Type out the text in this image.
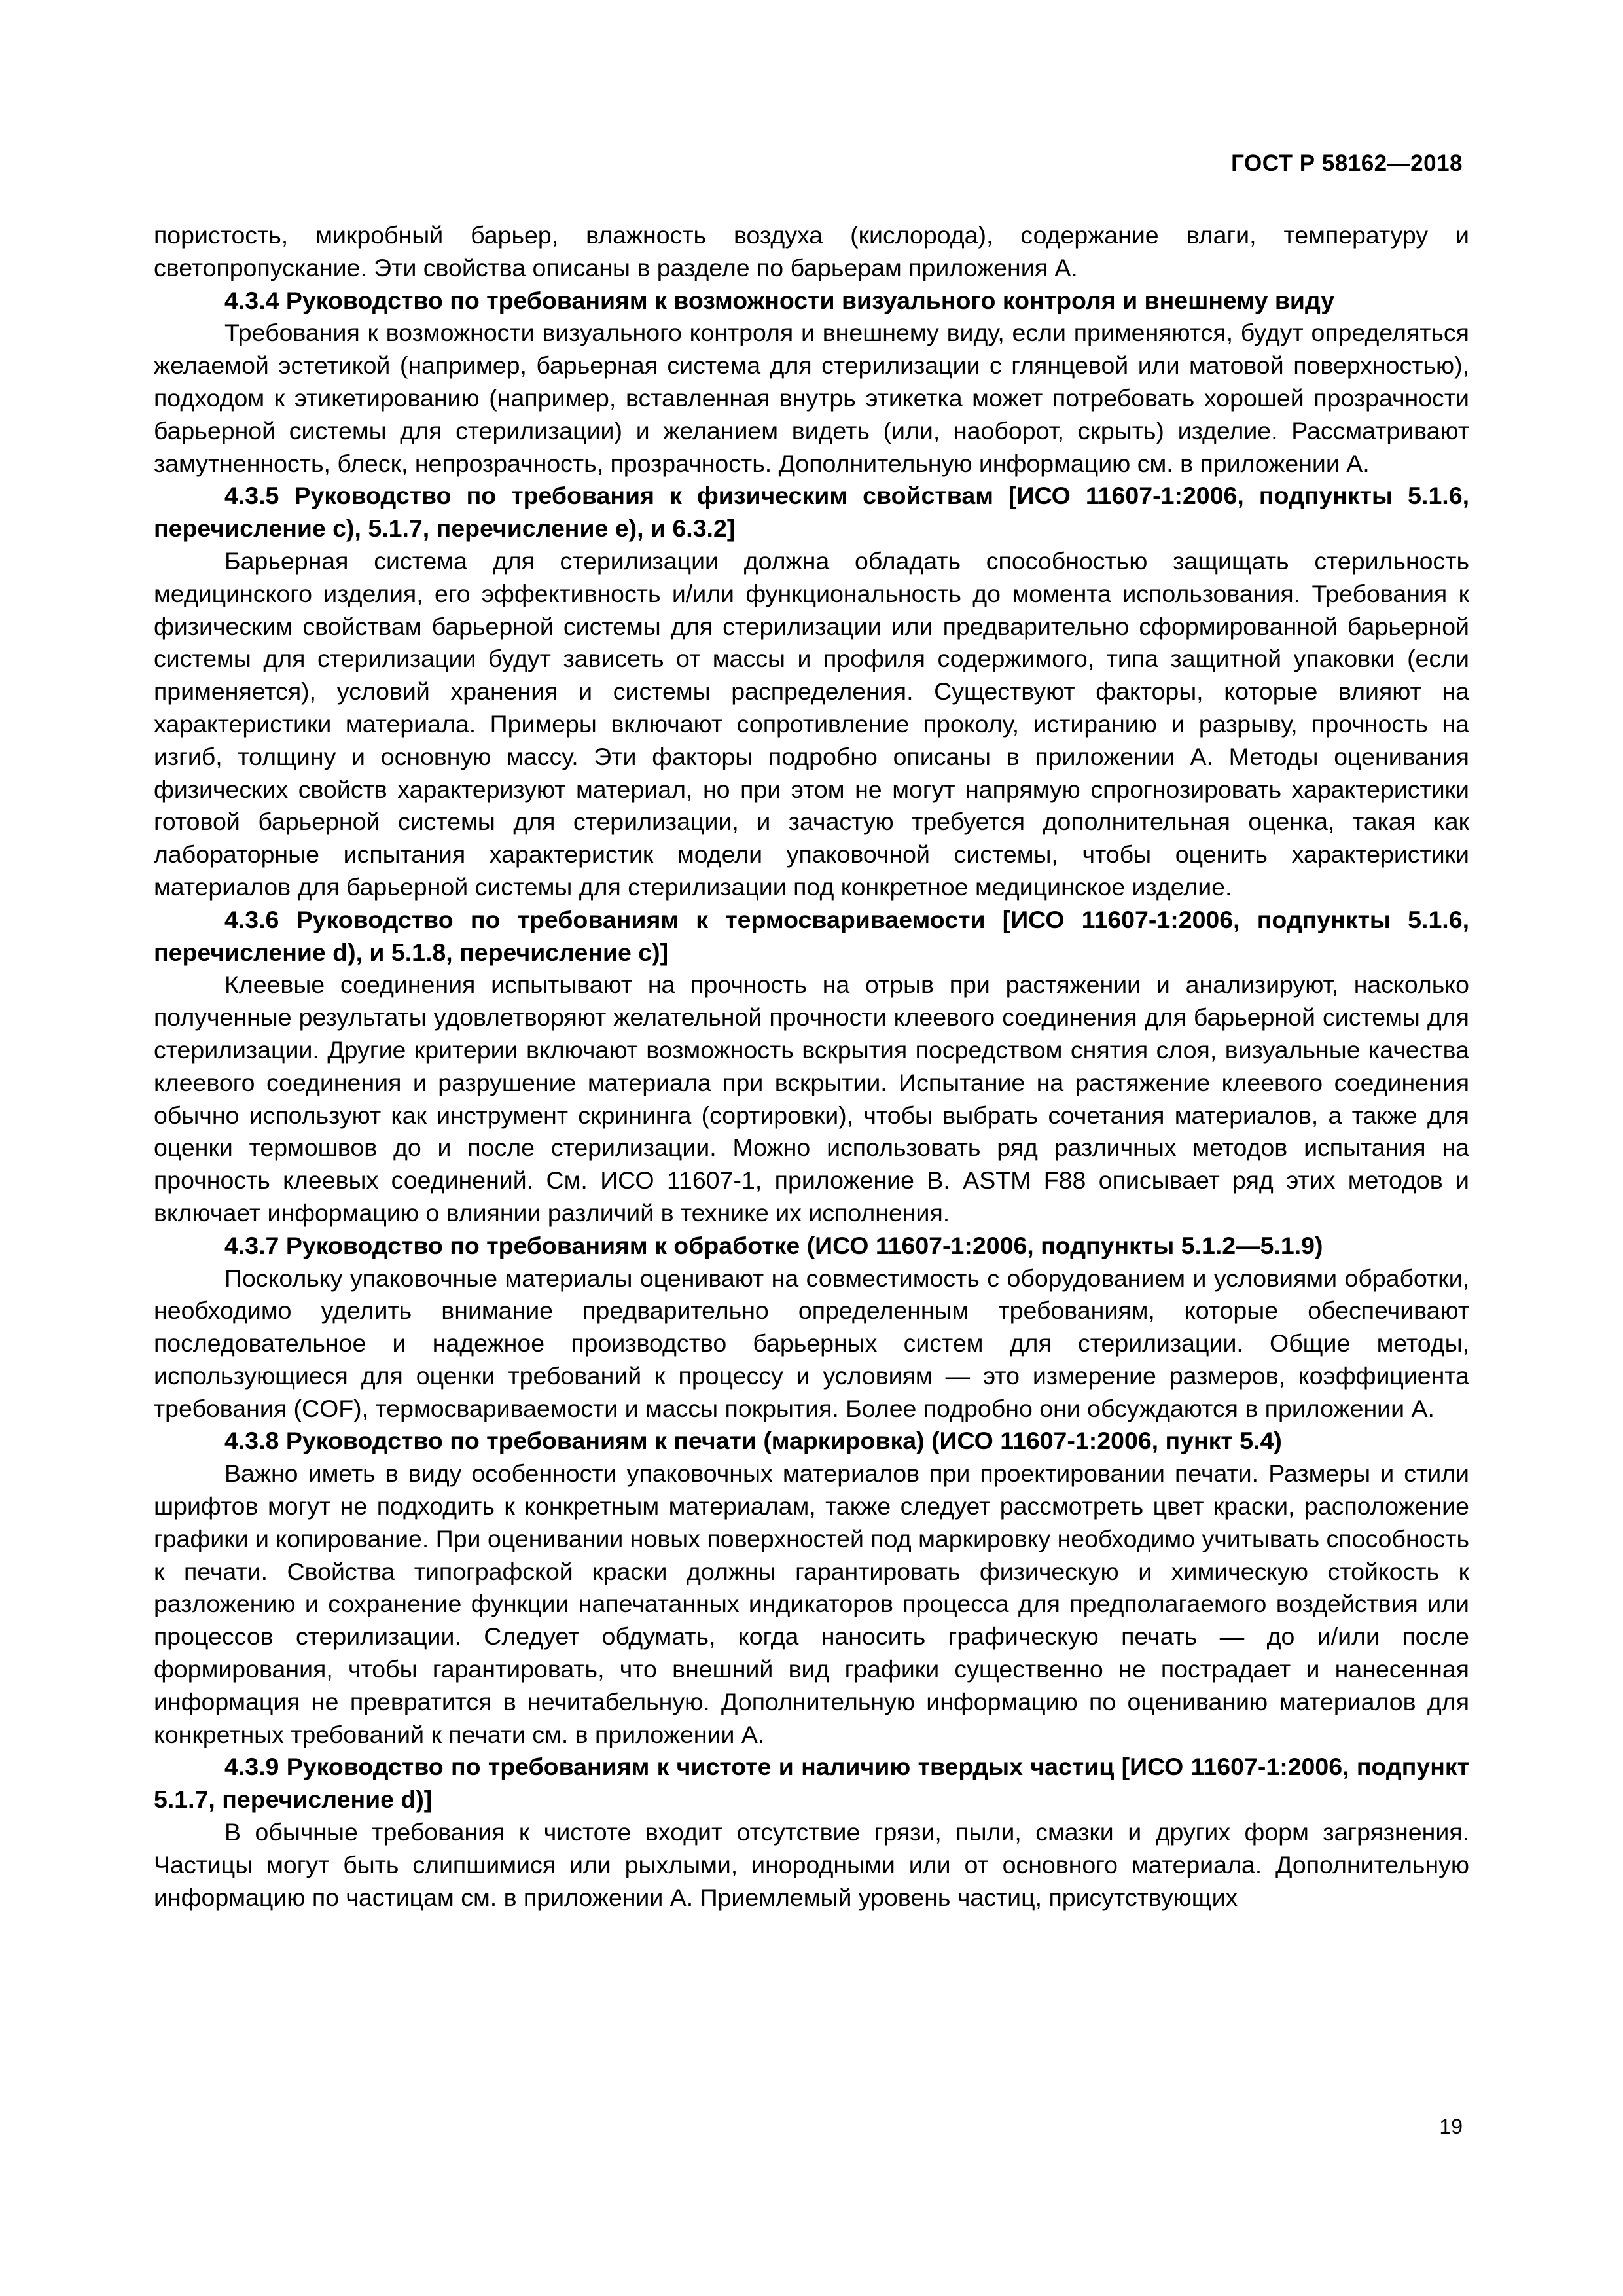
ГОСТ Р 58162—2018

пористость, микробный барьер, влажность воздуха (кислорода), содержание влаги, температуру и светопропускание. Эти свойства описаны в разделе по барьерам приложения А.

4.3.4 Руководство по требованиям к возможности визуального контроля и внешнему виду

Требования к возможности визуального контроля и внешнему виду, если применяются, будут определяться желаемой эстетикой (например, барьерная система для стерилизации с глянцевой или матовой поверхностью), подходом к этикетированию (например, вставленная внутрь этикетка может потребовать хорошей прозрачности барьерной системы для стерилизации) и желанием видеть (или, наоборот, скрыть) изделие. Рассматривают замутненность, блеск, непрозрачность, прозрачность. Дополнительную информацию см. в приложении А.

4.3.5 Руководство по требования к физическим свойствам [ИСО 11607-1:2006, подпункты 5.1.6, перечисление с), 5.1.7, перечисление е), и 6.3.2]

Барьерная система для стерилизации должна обладать способностью защищать стерильность медицинского изделия, его эффективность и/или функциональность до момента использования. Требования к физическим свойствам барьерной системы для стерилизации или предварительно сформированной барьерной системы для стерилизации будут зависеть от массы и профиля содержимого, типа защитной упаковки (если применяется), условий хранения и системы распределения. Существуют факторы, которые влияют на характеристики материала. Примеры включают сопротивление проколу, истиранию и разрыву, прочность на изгиб, толщину и основную массу. Эти факторы подробно описаны в приложении А. Методы оценивания физических свойств характеризуют материал, но при этом не могут напрямую спрогнозировать характеристики готовой барьерной системы для стерилизации, и зачастую требуется дополнительная оценка, такая как лабораторные испытания характеристик модели упаковочной системы, чтобы оценить характеристики материалов для барьерной системы для стерилизации под конкретное медицинское изделие.

4.3.6 Руководство по требованиям к термосвариваемости [ИСО 11607-1:2006, подпункты 5.1.6, перечисление d), и 5.1.8, перечисление с)]

Клеевые соединения испытывают на прочность на отрыв при растяжении и анализируют, насколько полученные результаты удовлетворяют желательной прочности клеевого соединения для барьерной системы для стерилизации. Другие критерии включают возможность вскрытия посредством снятия слоя, визуальные качества клеевого соединения и разрушение материала при вскрытии. Испытание на растяжение клеевого соединения обычно используют как инструмент скрининга (сортировки), чтобы выбрать сочетания материалов, а также для оценки термошвов до и после стерилизации. Можно использовать ряд различных методов испытания на прочность клеевых соединений. См. ИСО 11607-1, приложение В. ASTM F88 описывает ряд этих методов и включает информацию о влиянии различий в технике их исполнения.

4.3.7 Руководство по требованиям к обработке (ИСО 11607-1:2006, подпункты 5.1.2—5.1.9)

Поскольку упаковочные материалы оценивают на совместимость с оборудованием и условиями обработки, необходимо уделить внимание предварительно определенным требованиям, которые обеспечивают последовательное и надежное производство барьерных систем для стерилизации. Общие методы, использующиеся для оценки требований к процессу и условиям — это измерение размеров, коэффициента требования (COF), термосвариваемости и массы покрытия. Более подробно они обсуждаются в приложении А.

4.3.8 Руководство по требованиям к печати (маркировка) (ИСО 11607-1:2006, пункт 5.4)

Важно иметь в виду особенности упаковочных материалов при проектировании печати. Размеры и стили шрифтов могут не подходить к конкретным материалам, также следует рассмотреть цвет краски, расположение графики и копирование. При оценивании новых поверхностей под маркировку необходимо учитывать способность к печати. Свойства типографской краски должны гарантировать физическую и химическую стойкость к разложению и сохранение функции напечатанных индикаторов процесса для предполагаемого воздействия или процессов стерилизации. Следует обдумать, когда наносить графическую печать — до и/или после формирования, чтобы гарантировать, что внешний вид графики существенно не пострадает и нанесенная информация не превратится в нечитабельную. Дополнительную информацию по оцениванию материалов для конкретных требований к печати см. в приложении А.

4.3.9 Руководство по требованиям к чистоте и наличию твердых частиц [ИСО 11607-1:2006, подпункт 5.1.7, перечисление d)]

В обычные требования к чистоте входит отсутствие грязи, пыли, смазки и других форм загрязнения. Частицы могут быть слипшимися или рыхлыми, инородными или от основного материала. Дополнительную информацию по частицам см. в приложении А. Приемлемый уровень частиц, присутствующих

19
